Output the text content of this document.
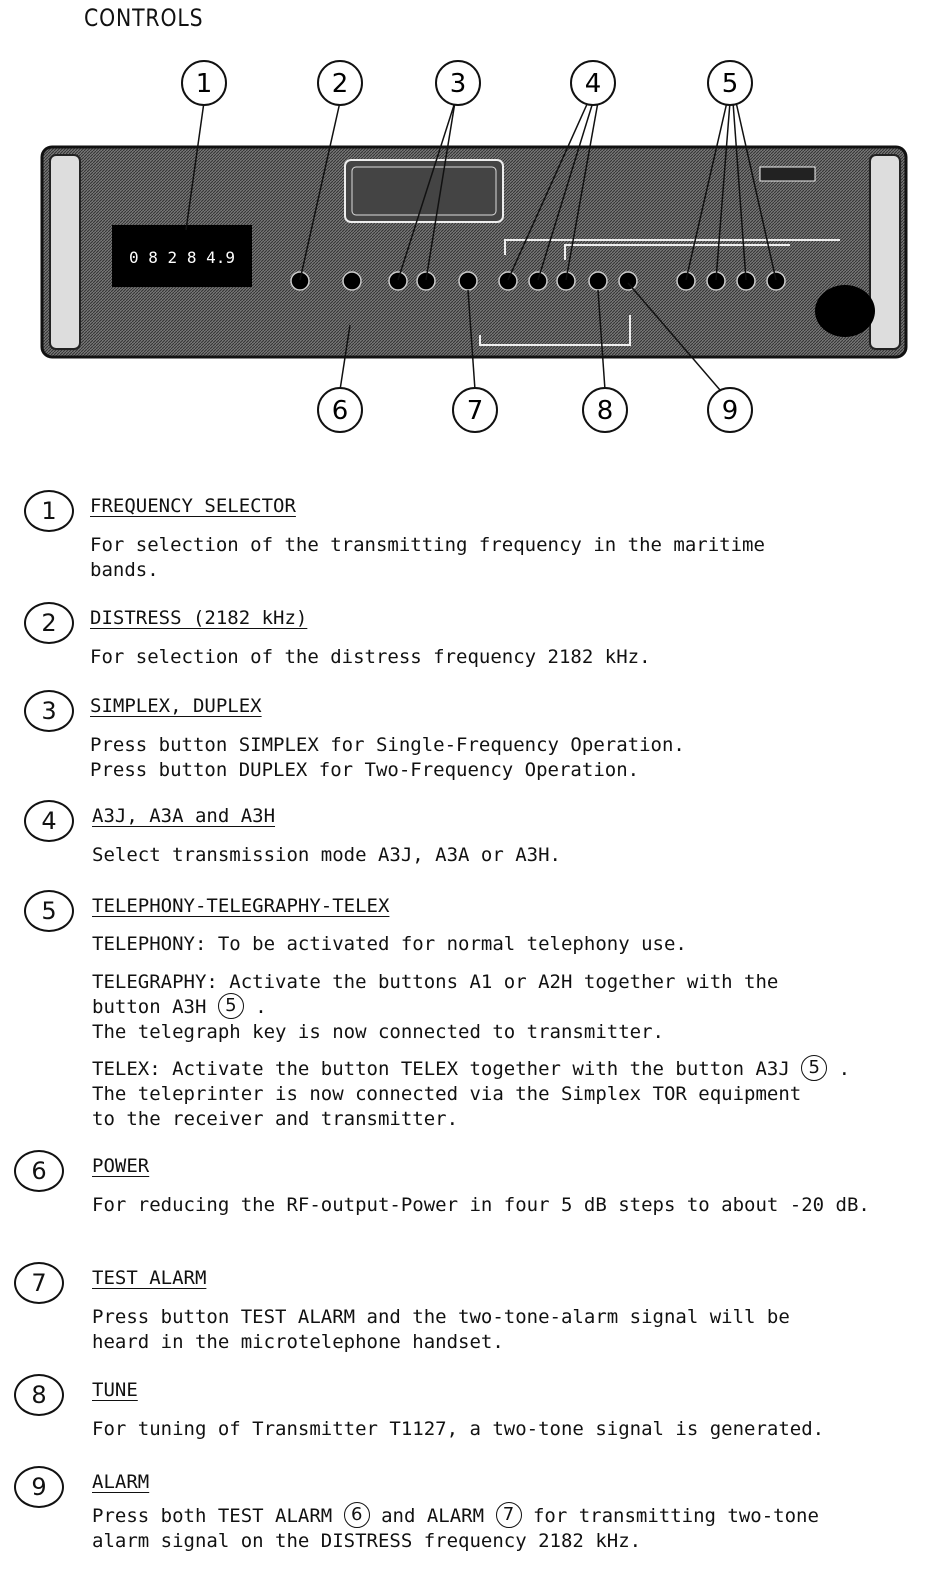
CONTROLS
0 8 2 8 4.9
1	2	3	4	5
6	7	8	9
1	FREQUENCY SELECTOR
For selection of the transmitting frequency in the maritime
bands.
2	DISTRESS (2182 kHz)
For selection of the distress frequency 2182 kHz.
3	SIMPLEX, DUPLEX
Press button SIMPLEX for Single-Frequency Operation.
Press button DUPLEX for Two-Frequency Operation.
4	A3J, A3A and A3H
Select transmission mode A3J, A3A or A3H.
5	TELEPHONY-TELEGRAPHY-TELEX
TELEPHONY: To be activated for normal telephony use.
TELEGRAPHY: Activate the buttons A1 or A2H together with the
button A3H 5 .
The telegraph key is now connected to transmitter.
TELEX: Activate the button TELEX together with the button A3J 5 .
The teleprinter is now connected via the Simplex TOR equipment
to the receiver and transmitter.
6	POWER
For reducing the RF-output-Power in four 5 dB steps to about -20 dB.
7	TEST ALARM
Press button TEST ALARM and the two-tone-alarm signal will be
heard in the microtelephone handset.
8	TUNE
For tuning of Transmitter T1127, a two-tone signal is generated.
9	ALARM
Press both TEST ALARM 6 and ALARM 7 for transmitting two-tone
alarm signal on the DISTRESS frequency 2182 kHz.
